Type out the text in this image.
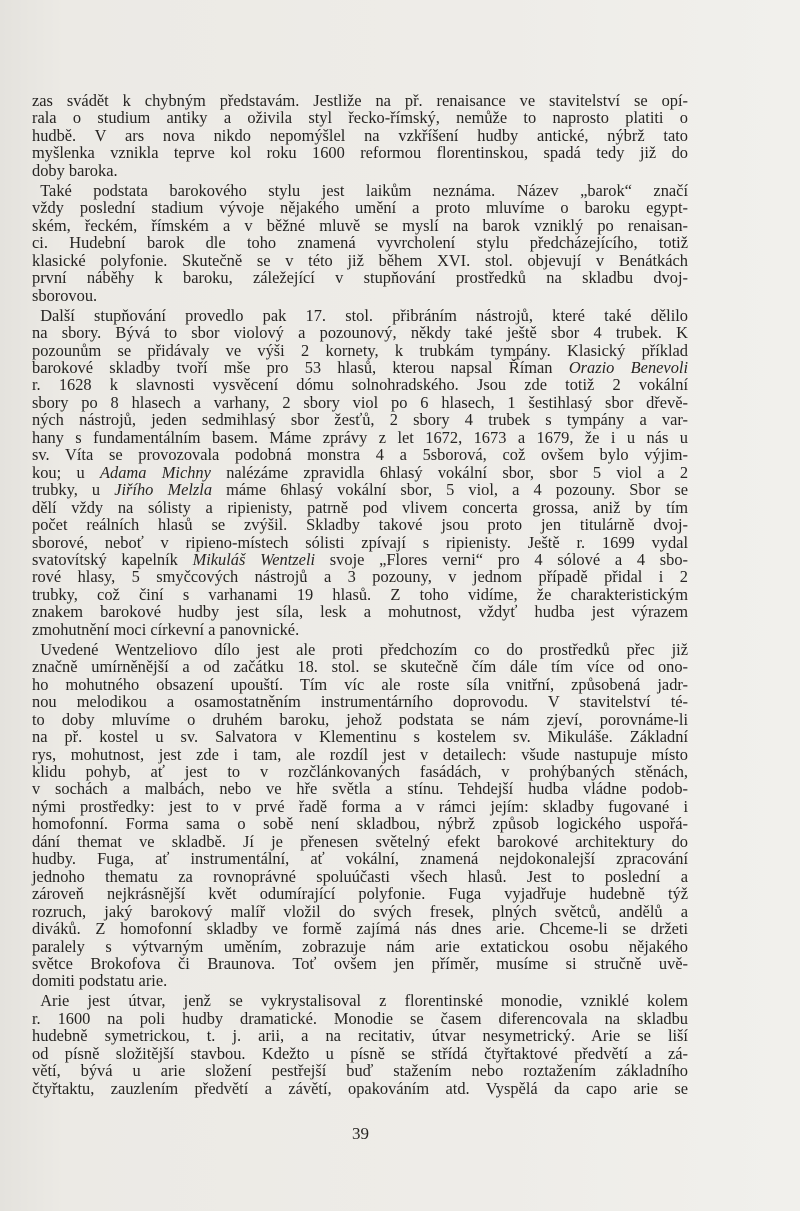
zas svádět k chybným představám. Jestliže na př. renaisance ve stavitelství se opí-
rala o studium antiky a oživila styl řecko-římský, nemůže to naprosto platiti o
hudbě. V ars nova nikdo nepomýšlel na vzkříšení hudby antické, nýbrž tato
myšlenka vznikla teprve kol roku 1600 reformou florentinskou, spadá tedy již do
doby baroka.
 Také podstata barokového stylu jest laikům neznáma. Název „barok“ značí
vždy poslední stadium vývoje nějakého umění a proto mluvíme o baroku egypt-
ském, řeckém, římském a v běžné mluvě se myslí na barok vzniklý po renaisan-
ci. Hudební barok dle toho znamená vyvrcholení stylu předcházejícího, totiž
klasické polyfonie. Skutečně se v této již během XVI. stol. objevují v Benátkách
první náběhy k baroku, záležející v stupňování prostředků na skladbu dvoj-
sborovou.
 Další stupňování provedlo pak 17. stol. přibráním nástrojů, které také dělilo
na sbory. Bývá to sbor violový a pozounový, někdy také ještě sbor 4 trubek. K
pozounům se přidávaly ve výši 2 kornety, k trubkám tympány. Klasický příklad
barokové skladby tvoří mše pro 53 hlasů, kterou napsal Říman Orazio Benevoli
r. 1628 k slavnosti vysvěcení dómu solnohradského. Jsou zde totiž 2 vokální
sbory po 8 hlasech a varhany, 2 sbory viol po 6 hlasech, 1 šestihlasý sbor dřevě-
ných nástrojů, jeden sedmihlasý sbor žesťů, 2 sbory 4 trubek s tympány a var-
hany s fundamentálním basem. Máme zprávy z let 1672, 1673 a 1679, že i u nás u
sv. Víta se provozovala podobná monstra 4 a 5sborová, což ovšem bylo výjim-
kou; u Adama Michny nalézáme zpravidla 6hlasý vokální sbor, sbor 5 viol a 2
trubky, u Jiřího Melzla máme 6hlasý vokální sbor, 5 viol, a 4 pozouny. Sbor se
dělí vždy na sólisty a ripienisty, patrně pod vlivem concerta grossa, aniž by tím
počet reálních hlasů se zvýšil. Skladby takové jsou proto jen titulárně dvoj-
sborové, neboť v ripieno-místech sólisti zpívají s ripienisty. Ještě r. 1699 vydal
svatovítský kapelník Mikuláš Wentzeli svoje „Flores verni“ pro 4 sólové a 4 sbo-
rové hlasy, 5 smyčcových nástrojů a 3 pozouny, v jednom případě přidal i 2
trubky, což činí s varhanami 19 hlasů. Z toho vidíme, že charakteristickým
znakem barokové hudby jest síla, lesk a mohutnost, vždyť hudba jest výrazem
zmohutnění moci církevní a panovnické.
 Uvedené Wentzeliovo dílo jest ale proti předchozím co do prostředků přec již
značně umírněnější a od začátku 18. stol. se skutečně čím dále tím více od ono-
ho mohutného obsazení upouští. Tím víc ale roste síla vnitřní, způsobená jadr-
nou melodikou a osamostatněním instrumentárního doprovodu. V stavitelství té-
to doby mluvíme o druhém baroku, jehož podstata se nám zjeví, porovnáme-li
na př. kostel u sv. Salvatora v Klementinu s kostelem sv. Mikuláše. Základní
rys, mohutnost, jest zde i tam, ale rozdíl jest v detailech: všude nastupuje místo
klidu pohyb, ať jest to v rozčlánkovaných fasádách, v prohýbaných stěnách,
v sochách a malbách, nebo ve hře světla a stínu. Tehdejší hudba vládne podob-
nými prostředky: jest to v prvé řadě forma a v rámci jejím: skladby fugované i
homofonní. Forma sama o sobě není skladbou, nýbrž způsob logického uspořá-
dání themat ve skladbě. Jí je přenesen světelný efekt barokové architektury do
hudby. Fuga, ať instrumentální, ať vokální, znamená nejdokonalejší zpracování
jednoho thematu za rovnoprávné spoluúčasti všech hlasů. Jest to poslední a
zároveň nejkrásnější květ odumírající polyfonie. Fuga vyjadřuje hudebně týž
rozruch, jaký barokový malíř vložil do svých fresek, plných světců, andělů a
diváků. Z homofonní skladby ve formě zajímá nás dnes arie. Chceme-li se držeti
paralely s výtvarným uměním, zobrazuje nám arie extatickou osobu nějakého
světce Brokofova či Braunova. Toť ovšem jen příměr, musíme si stručně uvě-
domiti podstatu arie.
 Arie jest útvar, jenž se vykrystalisoval z florentinské monodie, vzniklé kolem
r. 1600 na poli hudby dramatické. Monodie se časem diferencovala na skladbu
hudebně symetrickou, t. j. arii, a na recitativ, útvar nesymetrický. Arie se liší
od písně složitější stavbou. Kdežto u písně se střídá čtyřtaktové předvětí a zá-
větí, bývá u arie složení pestřejší buď stažením nebo roztažením základního
čtyřtaktu, zauzlením předvětí a závětí, opakováním atd. Vyspělá da capo arie se
39
